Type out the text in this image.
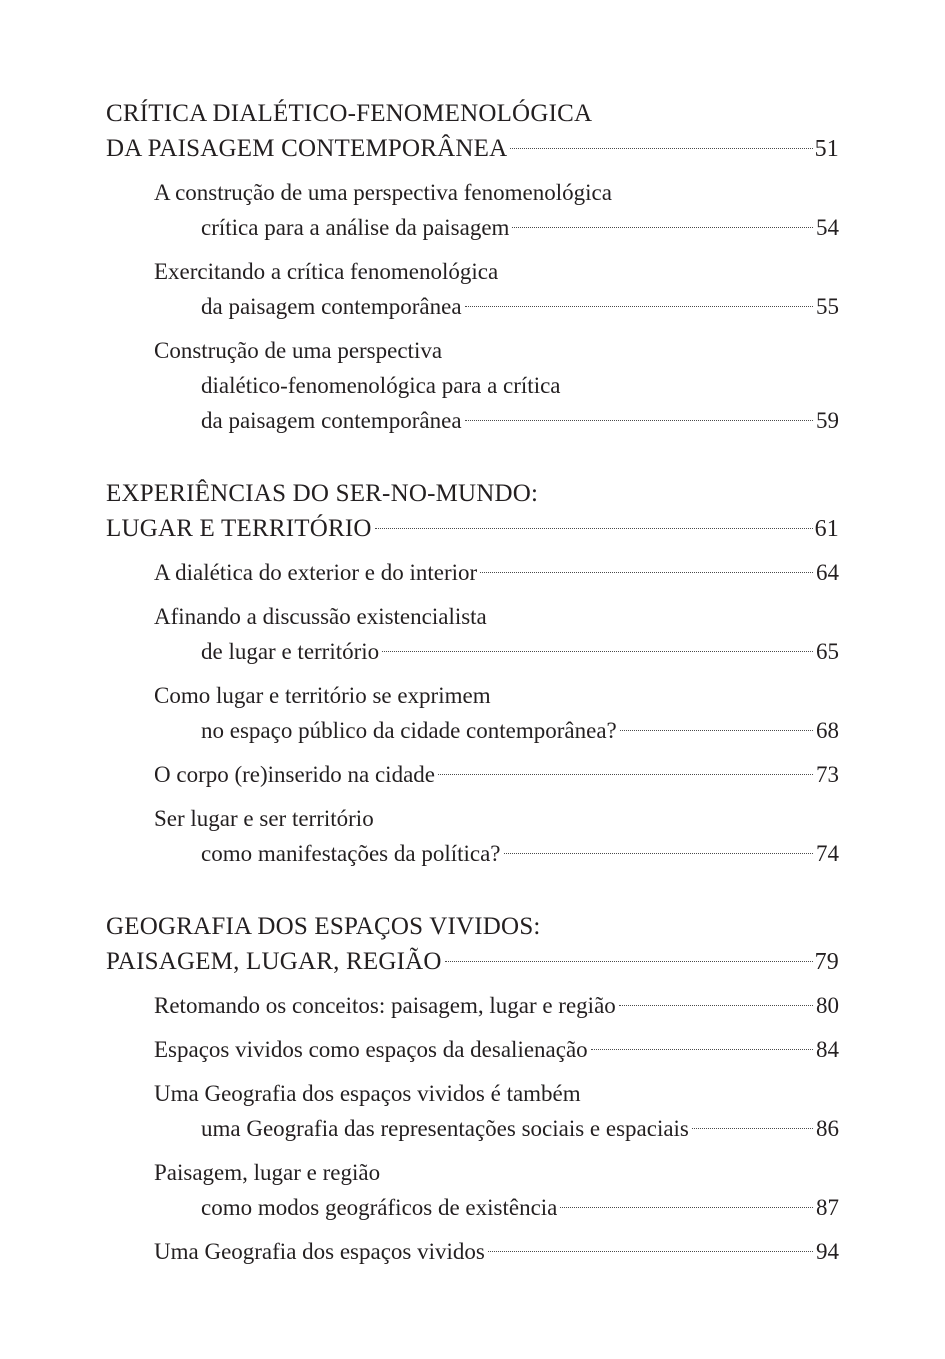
CRÍTICA DIALÉTICO-FENOMENOLÓGICA
DA PAISAGEM CONTEMPORÂNEA	51
A construção de uma perspectiva fenomenológica
crítica para a análise da paisagem	54
Exercitando a crítica fenomenológica
da paisagem contemporânea	55
Construção de uma perspectiva
dialético-fenomenológica para a crítica
da paisagem contemporânea	59
EXPERIÊNCIAS DO SER-NO-MUNDO:
LUGAR E TERRITÓRIO	61
A dialética do exterior e do interior	64
Afinando a discussão existencialista
de lugar e território	65
Como lugar e território se exprimem
no espaço público da cidade contemporânea?	68
O corpo (re)inserido na cidade	73
Ser lugar e ser território
como manifestações da política?	74
GEOGRAFIA DOS ESPAÇOS VIVIDOS:
PAISAGEM, LUGAR, REGIÃO	79
Retomando os conceitos: paisagem, lugar e região	80
Espaços vividos como espaços da desalienação	84
Uma Geografia dos espaços vividos é também
uma Geografia das representações sociais e espaciais	86
Paisagem, lugar e região
como modos geográficos de existência	87
Uma Geografia dos espaços vividos	94
